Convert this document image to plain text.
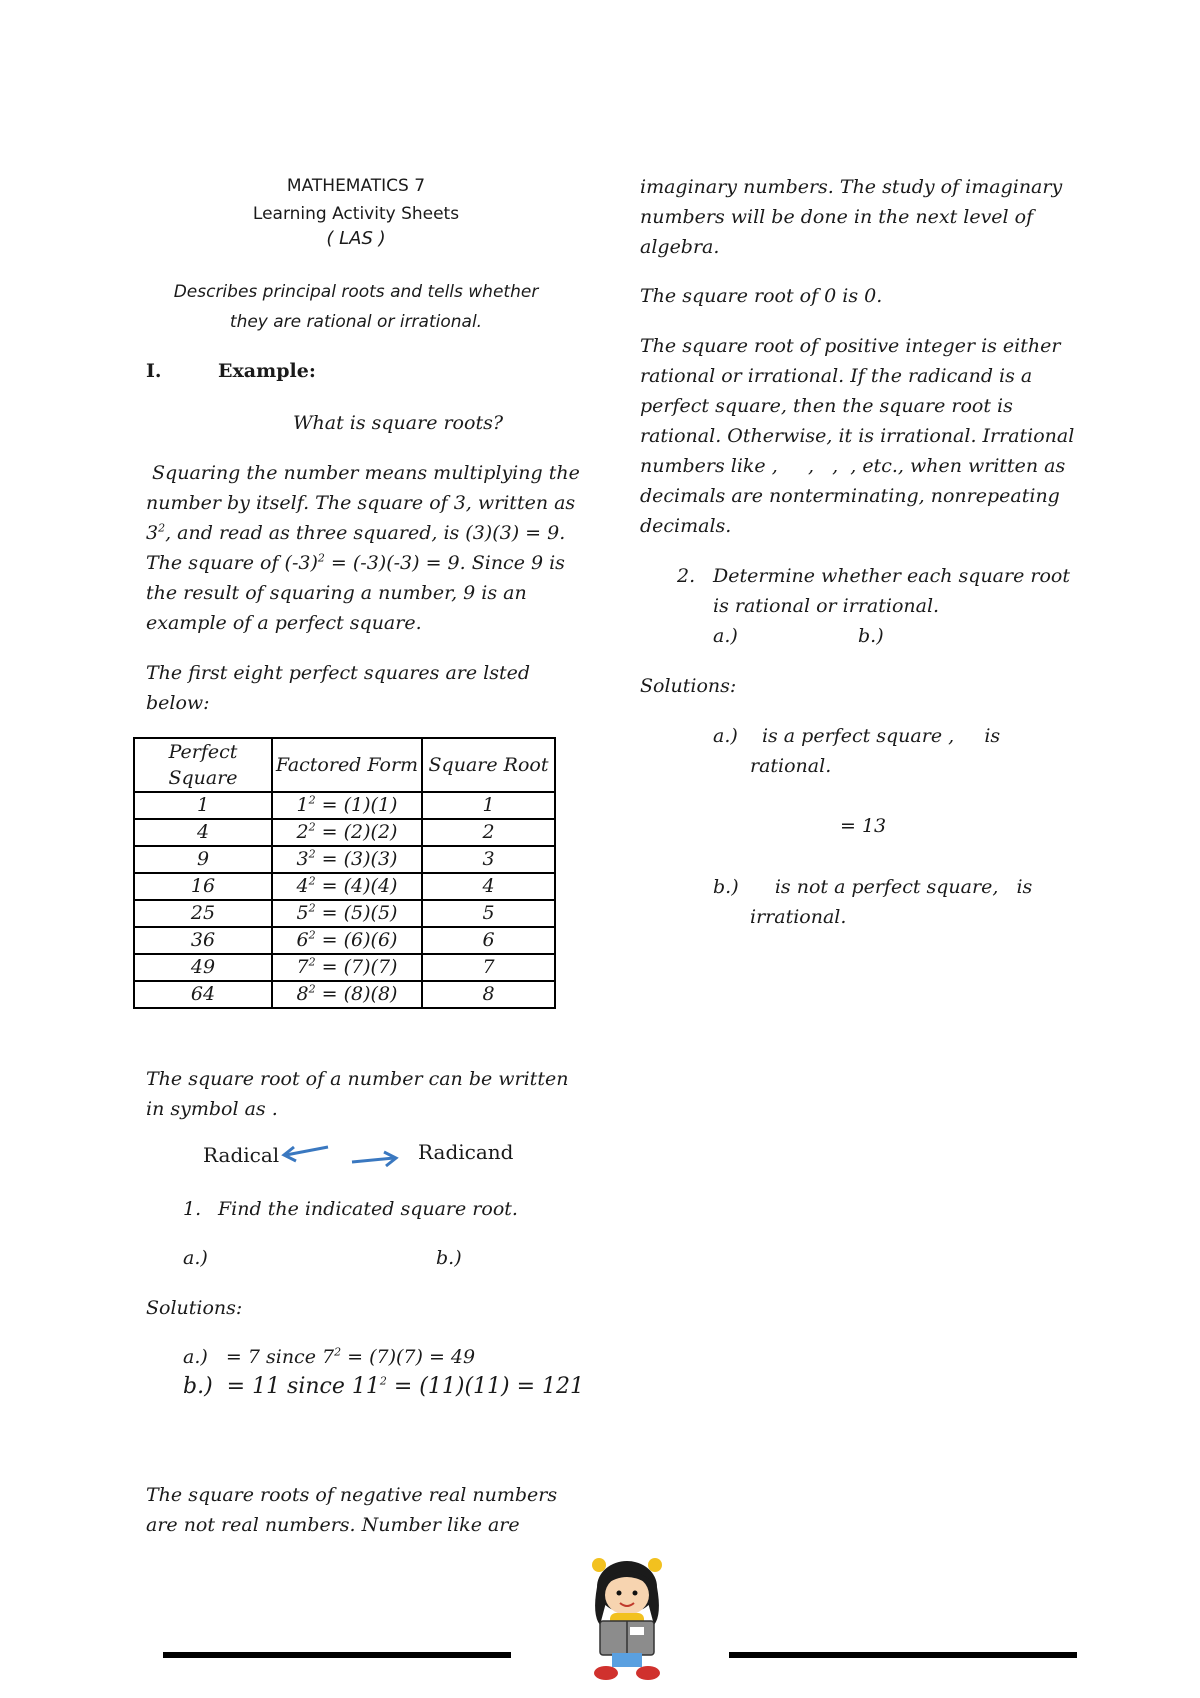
MATHEMATICS 7
Learning Activity Sheets
( LAS )
Describes principal roots and tells whether
they are rational or irrational.
I.	Example:
What is square roots?
Squaring the number means multiplying the
number by itself. The square of 3, written as
$3^2$, and read as three squared, is (3)(3) = 9.
The square of $(-3)^2 = (-3)(-3) = 9$. Since 9 is
the result of squaring a number, 9 is an
example of a perfect square.
The first eight perfect squares are lsted
below:
Perfect Square	Factored Form	Square Root
1	$1^2 = (1)(1)$	1
4	$2^2 = (2)(2)$	2
9	$3^2 = (3)(3)$	3
16	$4^2 = (4)(4)$	4
25	$5^2 = (5)(5)$	5
36	$6^2 = (6)(6)$	6
49	$7^2 = (7)(7)$	7
64	$8^2 = (8)(8)$	8
The square root of a number can be written
in symbol as .
Radical	Radicand
1. Find the indicated square root.
a.)	b.)
Solutions:
a.)   = 7 since $7^2 = (7)(7) = 49$
b.)  = 11 since $11^2 = (11)(11) = 121$
The square roots of negative real numbers
are not real numbers. Number like are
imaginary numbers. The study of imaginary
numbers will be done in the next level of
algebra.
The square root of 0 is 0.
The square root of positive integer is either
rational or irrational. If the radicand is a
perfect square, then the square root is
rational. Otherwise, it is irrational. Irrational
numbers like ,     ,   ,  , etc., when written as
decimals are nonterminating, nonrepeating
decimals.
2. Determine whether each square root
is rational or irrational.
a.)	b.)
Solutions:
a.)    is a perfect square ,     is
rational.
= 13
b.)      is not a perfect square,   is
irrational.
